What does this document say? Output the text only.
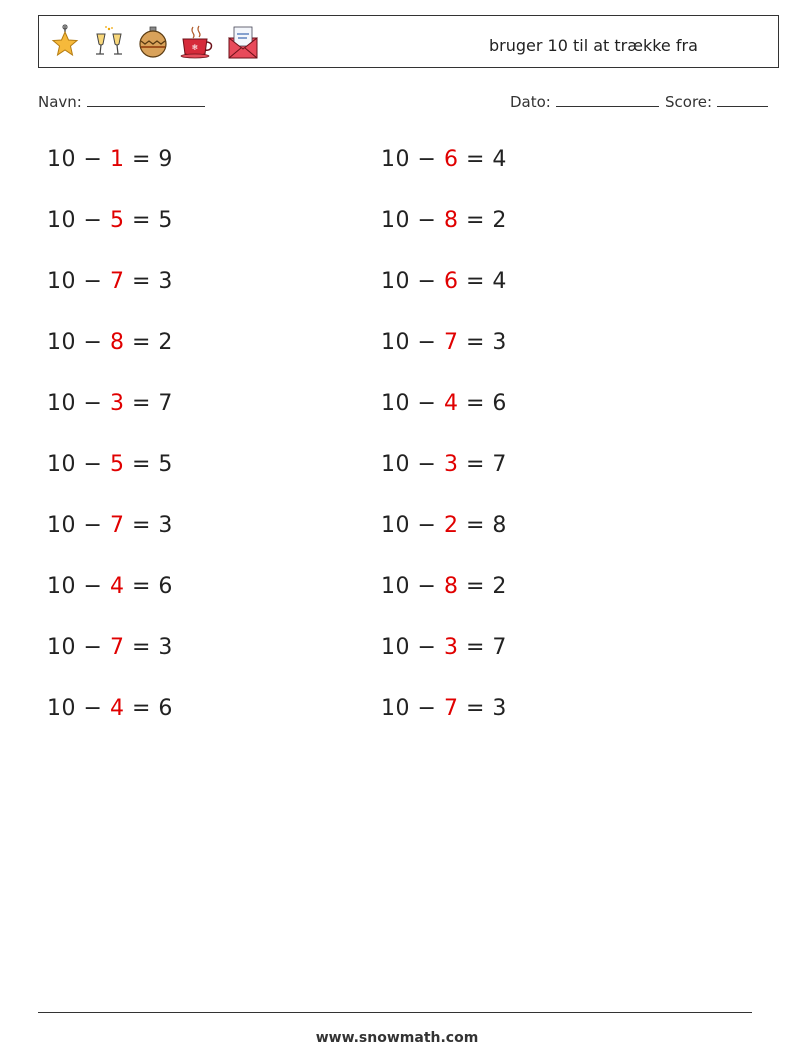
❄	bruger 10 til at trække fra
Navn:	Dato:	Score:
10 − 1 = 9
10 − 5 = 5
10 − 7 = 3
10 − 8 = 2
10 − 3 = 7
10 − 5 = 5
10 − 7 = 3
10 − 4 = 6
10 − 7 = 3
10 − 4 = 6
10 − 6 = 4
10 − 8 = 2
10 − 6 = 4
10 − 7 = 3
10 − 4 = 6
10 − 3 = 7
10 − 2 = 8
10 − 8 = 2
10 − 3 = 7
10 − 7 = 3
www.snowmath.com
